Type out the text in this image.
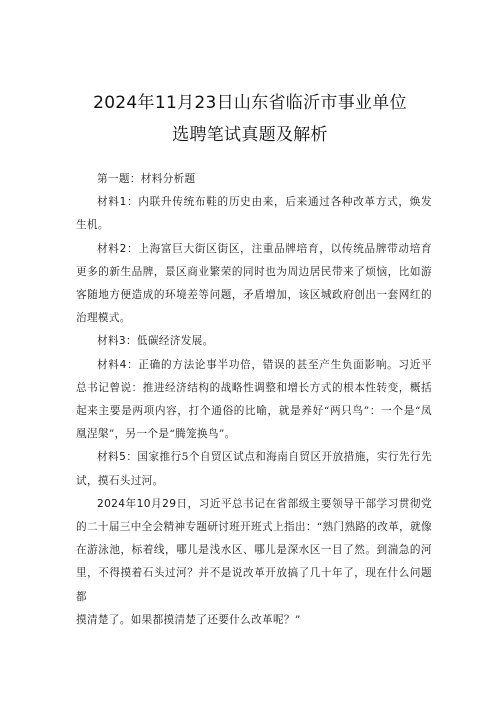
2024年11月23日山东省临沂市事业单位
选聘笔试真题及解析

第一题：材料分析题

材料1：内联升传统布鞋的历史由来，后来通过各种改革方式，焕发生机。

材料2：上海富巨大街区街区，注重品牌培育，以传统品牌带动培育更多的新生品牌，景区商业繁荣的同时也为周边居民带来了烦恼，比如游客随地方便造成的环境差等问题，矛盾增加，该区城政府创出一套网红的治理模式。

材料3：低碳经济发展。

材料4：正确的方法论事半功倍，错误的甚至产生负面影响。习近平总书记曾说：推进经济结构的战略性调整和增长方式的根本性转变，概括起来主要是两项内容，打个通俗的比喻，就是养好“两只鸟”：一个是“凤凰涅槃”，另一个是“腾笼换鸟”。

材料5：国家推行5个自贸区试点和海南自贸区开放措施，实行先行先试，摸石头过河。

2024年10月29日，习近平总书记在省部级主要领导干部学习贯彻党的二十届三中全会精神专题研讨班开班式上指出：“熟门熟路的改革，就像在游泳池，标着线，哪儿是浅水区、哪儿是深水区一目了然。到湍急的河里，不得摸着石头过河？并不是说改革开放搞了几十年了，现在什么问题都

摸清楚了。如果都摸清楚了还要什么改革呢？”
